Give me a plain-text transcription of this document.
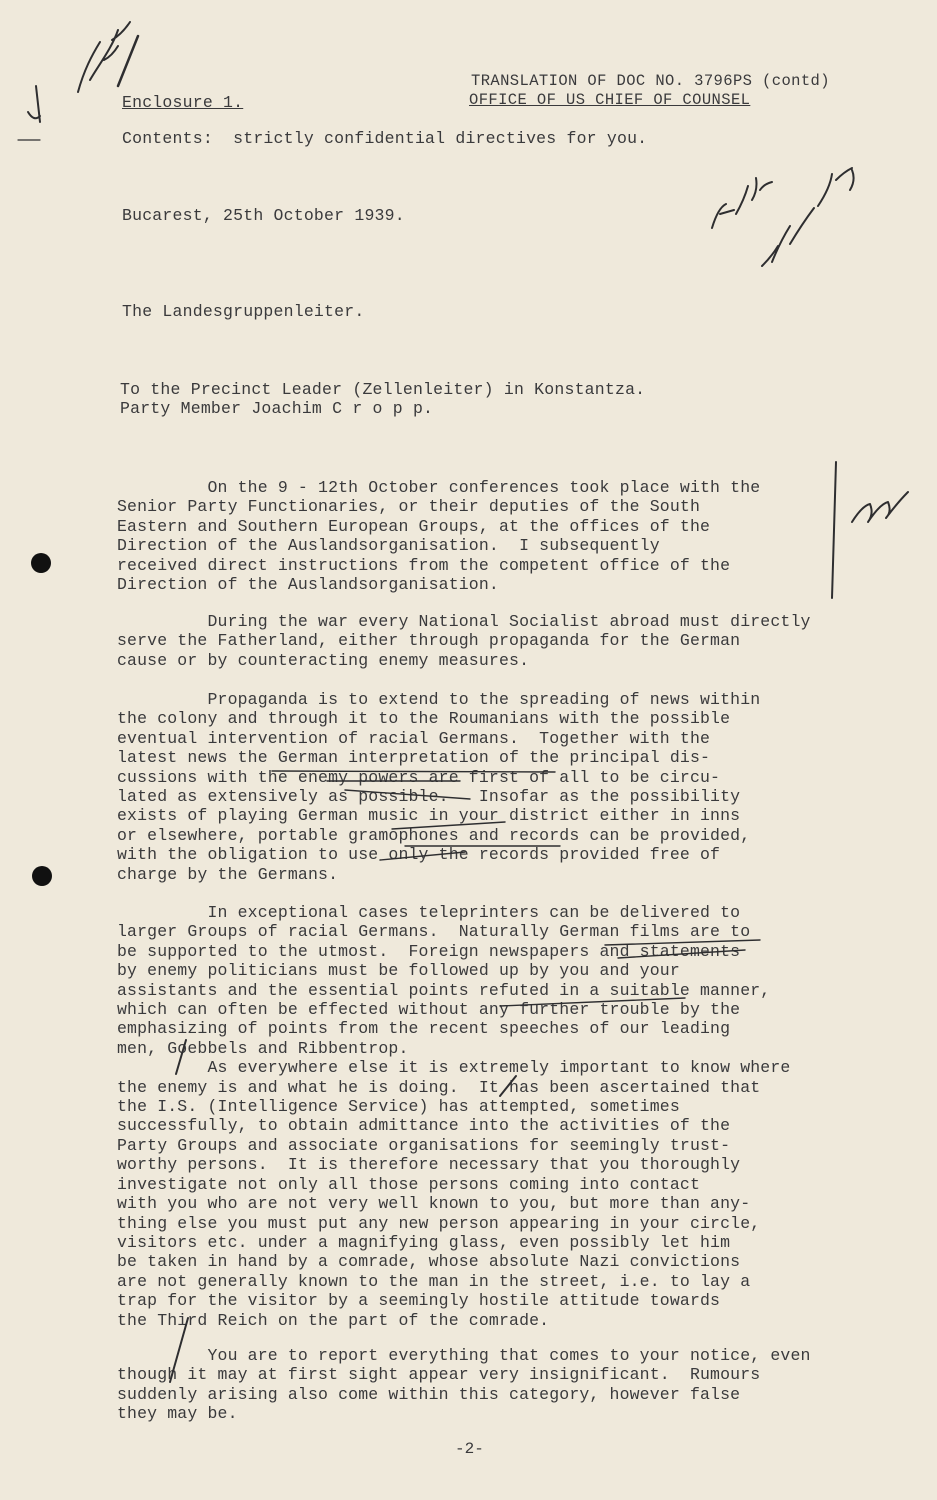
TRANSLATION OF DOC NO. 3796PS (contd)
OFFICE OF US CHIEF OF COUNSEL
Enclosure 1.
Contents:  strictly confidential directives for you.
Bucarest, 25th October 1939.
The Landesgruppenleiter.
To the Precinct Leader (Zellenleiter) in Konstantza.
Party Member Joachim C r o p p.
On the 9 - 12th October conferences took place with the
Senior Party Functionaries, or their deputies of the South
Eastern and Southern European Groups, at the offices of the
Direction of the Auslandsorganisation.  I subsequently
received direct instructions from the competent office of the
Direction of the Auslandsorganisation.
During the war every National Socialist abroad must directly
serve the Fatherland, either through propaganda for the German
cause or by counteracting enemy measures.
Propaganda is to extend to the spreading of news within
the colony and through it to the Roumanians with the possible
eventual intervention of racial Germans.  Together with the
latest news the German interpretation of the principal dis-
cussions with the enemy powers are first of all to be circu-
lated as extensively as possible.   Insofar as the possibility
exists of playing German music in your district either in inns
or elsewhere, portable gramophones and records can be provided,
with the obligation to use only the records provided free of
charge by the Germans.
In exceptional cases teleprinters can be delivered to
larger Groups of racial Germans.  Naturally German films are to
be supported to the utmost.  Foreign newspapers and statements
by enemy politicians must be followed up by you and your
assistants and the essential points refuted in a suitable manner,
which can often be effected without any further trouble by the
emphasizing of points from the recent speeches of our leading
men, Goebbels and Ribbentrop.
As everywhere else it is extremely important to know where
the enemy is and what he is doing.  It has been ascertained that
the I.S. (Intelligence Service) has attempted, sometimes
successfully, to obtain admittance into the activities of the
Party Groups and associate organisations for seemingly trust-
worthy persons.  It is therefore necessary that you thoroughly
investigate not only all those persons coming into contact
with you who are not very well known to you, but more than any-
thing else you must put any new person appearing in your circle,
visitors etc. under a magnifying glass, even possibly let him
be taken in hand by a comrade, whose absolute Nazi convictions
are not generally known to the man in the street, i.e. to lay a
trap for the visitor by a seemingly hostile attitude towards
the Third Reich on the part of the comrade.
You are to report everything that comes to your notice, even
though it may at first sight appear very insignificant.  Rumours
suddenly arising also come within this category, however false
they may be.
-2-
